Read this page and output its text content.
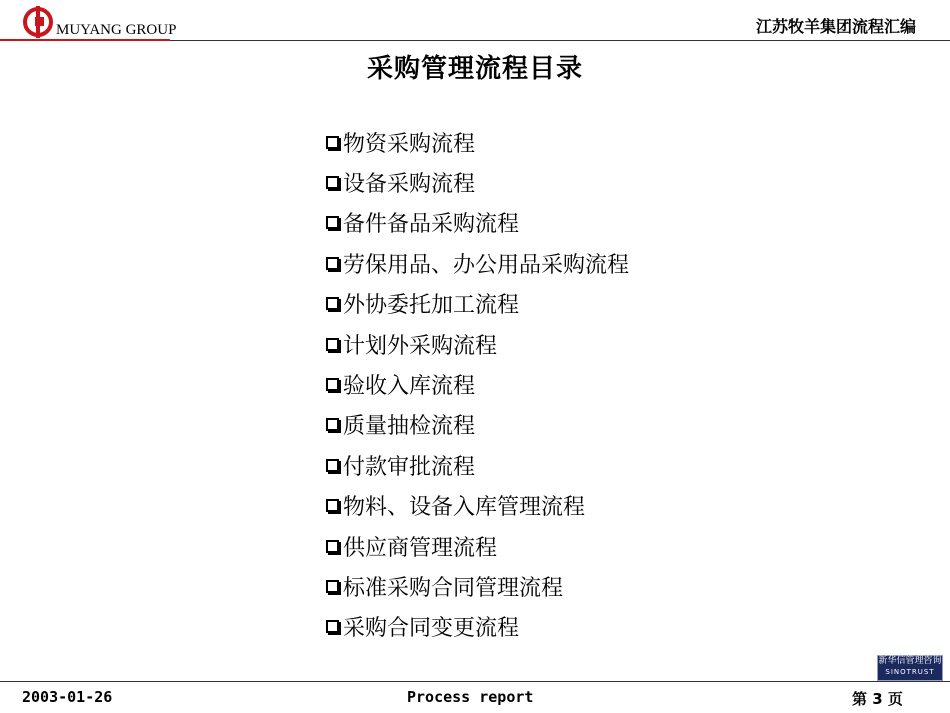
MUYANG GROUP	江苏牧羊集团流程汇编
采购管理流程目录
物资采购流程
设备采购流程
备件备品采购流程
劳保用品、办公用品采购流程
外协委托加工流程
计划外采购流程
验收入库流程
质量抽检流程
付款审批流程
物料、设备入库管理流程
供应商管理流程
标准采购合同管理流程
采购合同变更流程
新华信管理咨询
SINOTRUST
2003-01-26	Process report	第 3 页
